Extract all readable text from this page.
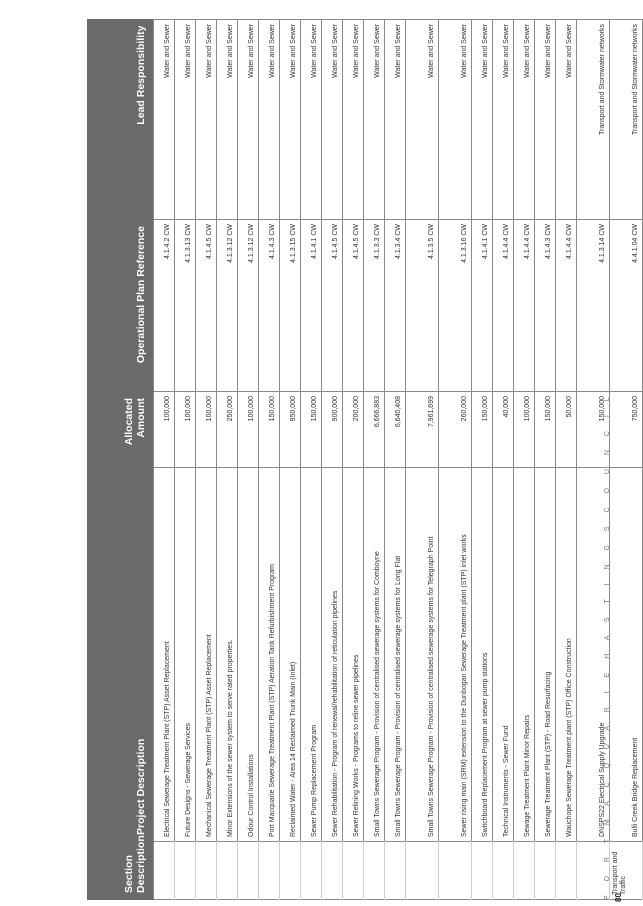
Section Description	Project Description	Allocated Amount	Operational Plan Reference	Lead Responsibility
	Electrical Sewerage Treatment Plant (STP) Asset Replacement	100,000	4.1.4.2 CW	Water and Sewer
	Future Designs - Sewerage Services	100,000	4.1.3.13 CW	Water and Sewer
	Mechanical Sewerage Treatment Plant (STP) Asset Replacement	100,000	4.1.4.5 CW	Water and Sewer
	Minor Extensions of the sewer system to serve rated properties.	250,000	4.1.3.12 CW	Water and Sewer
	Odour Control Installations	100,000	4.1.3.12 CW	Water and Sewer
	Port Macquarie Sewerage Treatment Plant (STP) Aeration Tank Refurbishment Program	150,000	4.1.4.3 CW	Water and Sewer
	Reclaimed Water - Area 14 Reclaimed Trunk Main (Inlet)	950,000	4.1.3.15 CW	Water and Sewer
	Sewer Pump Replacement Program	150,000	4.1.4.1 CW	Water and Sewer
	Sewer Rehabilitation - Program of renewal/rehabilitation of reticulation pipelines	900,000	4.1.4.5 CW	Water and Sewer
	Sewer Relining Works - Programs to reline sewer pipelines	200,000	4.1.4.5 CW	Water and Sewer
	Small Towns Sewerage Program - Provision of centralised sewerage systems for Comboyne	6,666,883	4.1.3.3 CW	Water and Sewer
	Small Towns Sewerage Program - Provision of centralised sewerage systems for Long Flat	6,640,408	4.1.3.4 CW	Water and Sewer
	Small Towns Sewerage Program - Provision of centralised sewerage systems for Telegraph Point	7,961,699	4.1.3.5 CW	Water and Sewer
	Sewer rising main (SRM) extension to the Dunbogan Sewerage Treatment plant (STP) inlet works	260,000	4.1.3.16 CW	Water and Sewer
	Switchboard Replacement Program at sewer pump stations	150,000	4.1.4.1 CW	Water and Sewer
	Technical Instruments - Sewer Fund	40,000	4.1.4.4 CW	Water and Sewer
	Sewage Treatment Plant Minor Repairs	100,000	4.1.4.4 CW	Water and Sewer
	Sewerage Treatment Plant (STP) - Road Resurfacing	150,000	4.1.4.3 CW	Water and Sewer
	Wauchope Sewerage Treatment plant (STP) Office Construction	50,000	4.1.4.4 CW	Water and Sewer
	DNSPS22 Electrical Supply Upgrade	150,000	4.1.3.14 CW	Transport and Stormwater networks
Transport and Traffic	Bulli Creek Bridge Replacement	750,000	4.4.1.04 CW	Transport and Stormwater networks
P O R T M A C Q U A R I E H A S T I N G S C O U N C I L 80
